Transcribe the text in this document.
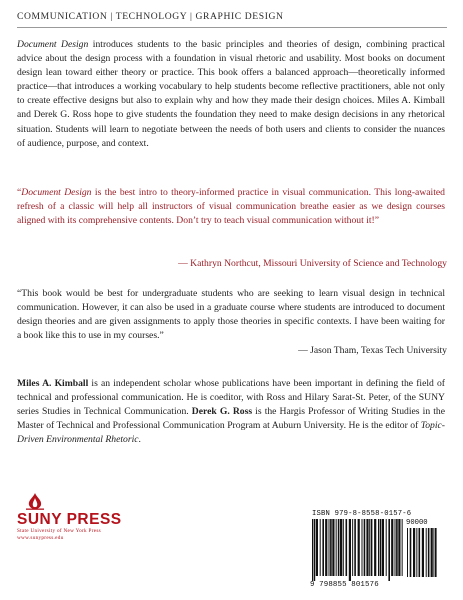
COMMUNICATION | TECHNOLOGY | GRAPHIC DESIGN

Document Design introduces students to the basic principles and theories of design, combining practical advice about the design process with a foundation in visual rhetoric and usability. Most books on document design lean toward either theory or practice. This book offers a balanced approach—theoretically informed practice—that introduces a working vocabulary to help students become reflective practitioners, able not only to create effective designs but also to explain why and how they made their design choices. Miles A. Kimball and Derek G. Ross hope to give students the foundation they need to make design decisions in any rhetorical situation. Students will learn to negotiate between the needs of both users and clients to consider the nuances of audience, purpose, and context.

“Document Design is the best intro to theory-informed practice in visual communication. This long-awaited refresh of a classic will help all instructors of visual communication breathe easier as we design courses aligned with its comprehensive contents. Don’t try to teach visual communication without it!”

— Kathryn Northcut, Missouri University of Science and Technology

“This book would be best for undergraduate students who are seeking to learn visual design in technical communication. However, it can also be used in a graduate course where students are introduced to document design theories and are given assignments to apply those theories in specific contexts. I have been waiting for a book like this to use in my courses.”

— Jason Tham, Texas Tech University

Miles A. Kimball is an independent scholar whose publications have been important in defining the field of technical and professional communication. He is coeditor, with Ross and Hilary Sarat-St. Peter, of the SUNY series Studies in Technical Communication. Derek G. Ross is the Hargis Professor of Writing Studies in the Master of Technical and Professional Communication Program at Auburn University. He is the editor of Topic-Driven Environmental Rhetoric.

SUNY PRESS
State University of New York Press
www.sunypress.edu
ISBN 979-8-8558-0157-6
90000
9 798855 801576
